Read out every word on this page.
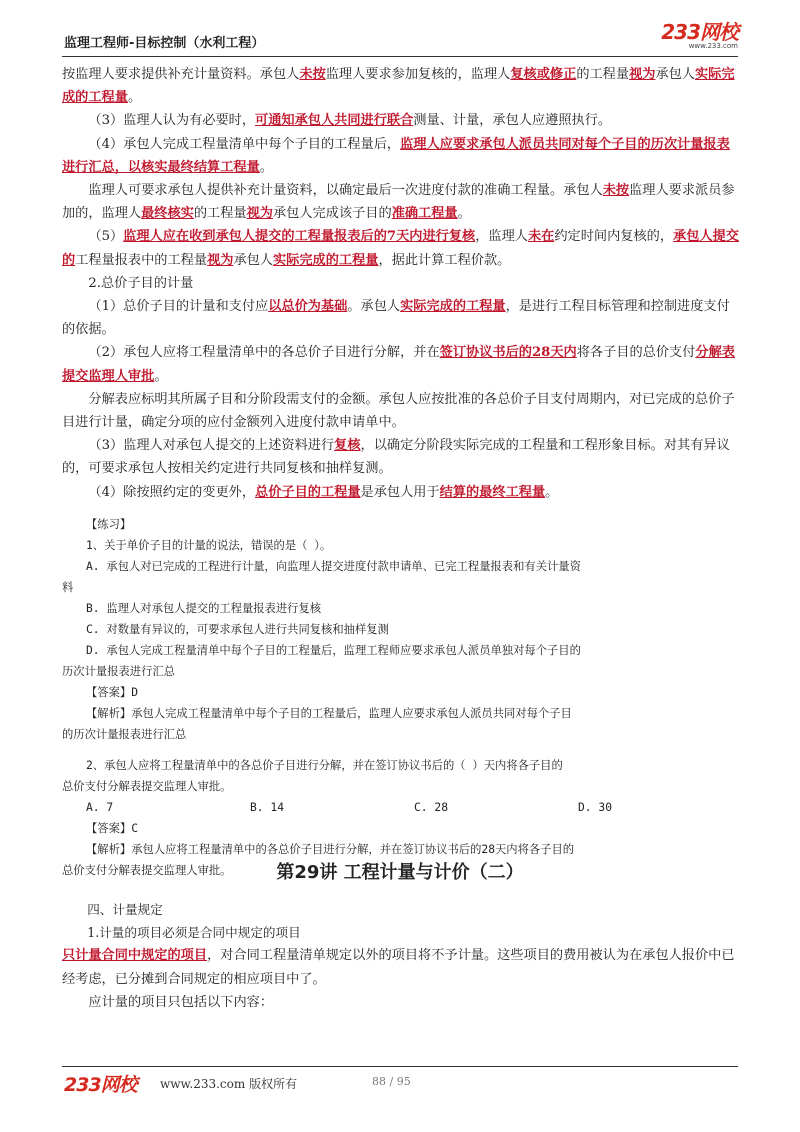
监理工程师-目标控制（水利工程）	233网校
www.233.com

按监理人要求提供补充计量资料。承包人未按监理人要求参加复核的，监理人复核或修正的工程量视为承包人实际完成的工程量。

（3）监理人认为有必要时，可通知承包人共同进行联合测量、计量，承包人应遵照执行。

（4）承包人完成工程量清单中每个子目的工程量后，监理人应要求承包人派员共同对每个子目的历次计量报表进行汇总，以核实最终结算工程量。

监理人可要求承包人提供补充计量资料，以确定最后一次进度付款的准确工程量。承包人未按监理人要求派员参加的，监理人最终核实的工程量视为承包人完成该子目的准确工程量。

（5）监理人应在收到承包人提交的工程量报表后的7天内进行复核，监理人未在约定时间内复核的，承包人提交的工程量报表中的工程量视为承包人实际完成的工程量，据此计算工程价款。

2.总价子目的计量

（1）总价子目的计量和支付应以总价为基础。承包人实际完成的工程量，是进行工程目标管理和控制进度支付的依据。

（2）承包人应将工程量清单中的各总价子目进行分解，并在签订协议书后的28天内将各子目的总价支付分解表提交监理人审批。

分解表应标明其所属子目和分阶段需支付的金额。承包人应按批准的各总价子目支付周期内，对已完成的总价子目进行计量，确定分项的应付金额列入进度付款申请单中。

（3）监理人对承包人提交的上述资料进行复核，以确定分阶段实际完成的工程量和工程形象目标。对其有异议的，可要求承包人按相关约定进行共同复核和抽样复测。

（4）除按照约定的变更外，总价子目的工程量是承包人用于结算的最终工程量。

【练习】
1、关于单价子目的计量的说法，错误的是（ ）。
A. 承包人对已完成的工程进行计量，向监理人提交进度付款申请单、已完工程量报表和有关计量资
料
B. 监理人对承包人提交的工程量报表进行复核
C. 对数量有异议的，可要求承包人进行共同复核和抽样复测
D. 承包人完成工程量清单中每个子目的工程量后，监理工程师应要求承包人派员单独对每个子目的
历次计量报表进行汇总
【答案】D
【解析】承包人完成工程量清单中每个子目的工程量后，监理人应要求承包人派员共同对每个子目
的历次计量报表进行汇总
2、承包人应将工程量清单中的各总价子目进行分解，并在签订协议书后的（ ）天内将各子目的
总价支付分解表提交监理人审批。
A. 7	B. 14	C. 28	D. 30
【答案】C
【解析】承包人应将工程量清单中的各总价子目进行分解，并在签订协议书后的28天内将各子目的
总价支付分解表提交监理人审批。	第29讲 工程计量与计价（二）

四、计量规定

1.计量的项目必须是合同中规定的项目

只计量合同中规定的项目，对合同工程量清单规定以外的项目将不予计量。这些项目的费用被认为在承包人报价中已经考虑，已分摊到合同规定的相应项目中了。

应计量的项目只包括以下内容：

233网校 www.233.com 版权所有	88 / 95
